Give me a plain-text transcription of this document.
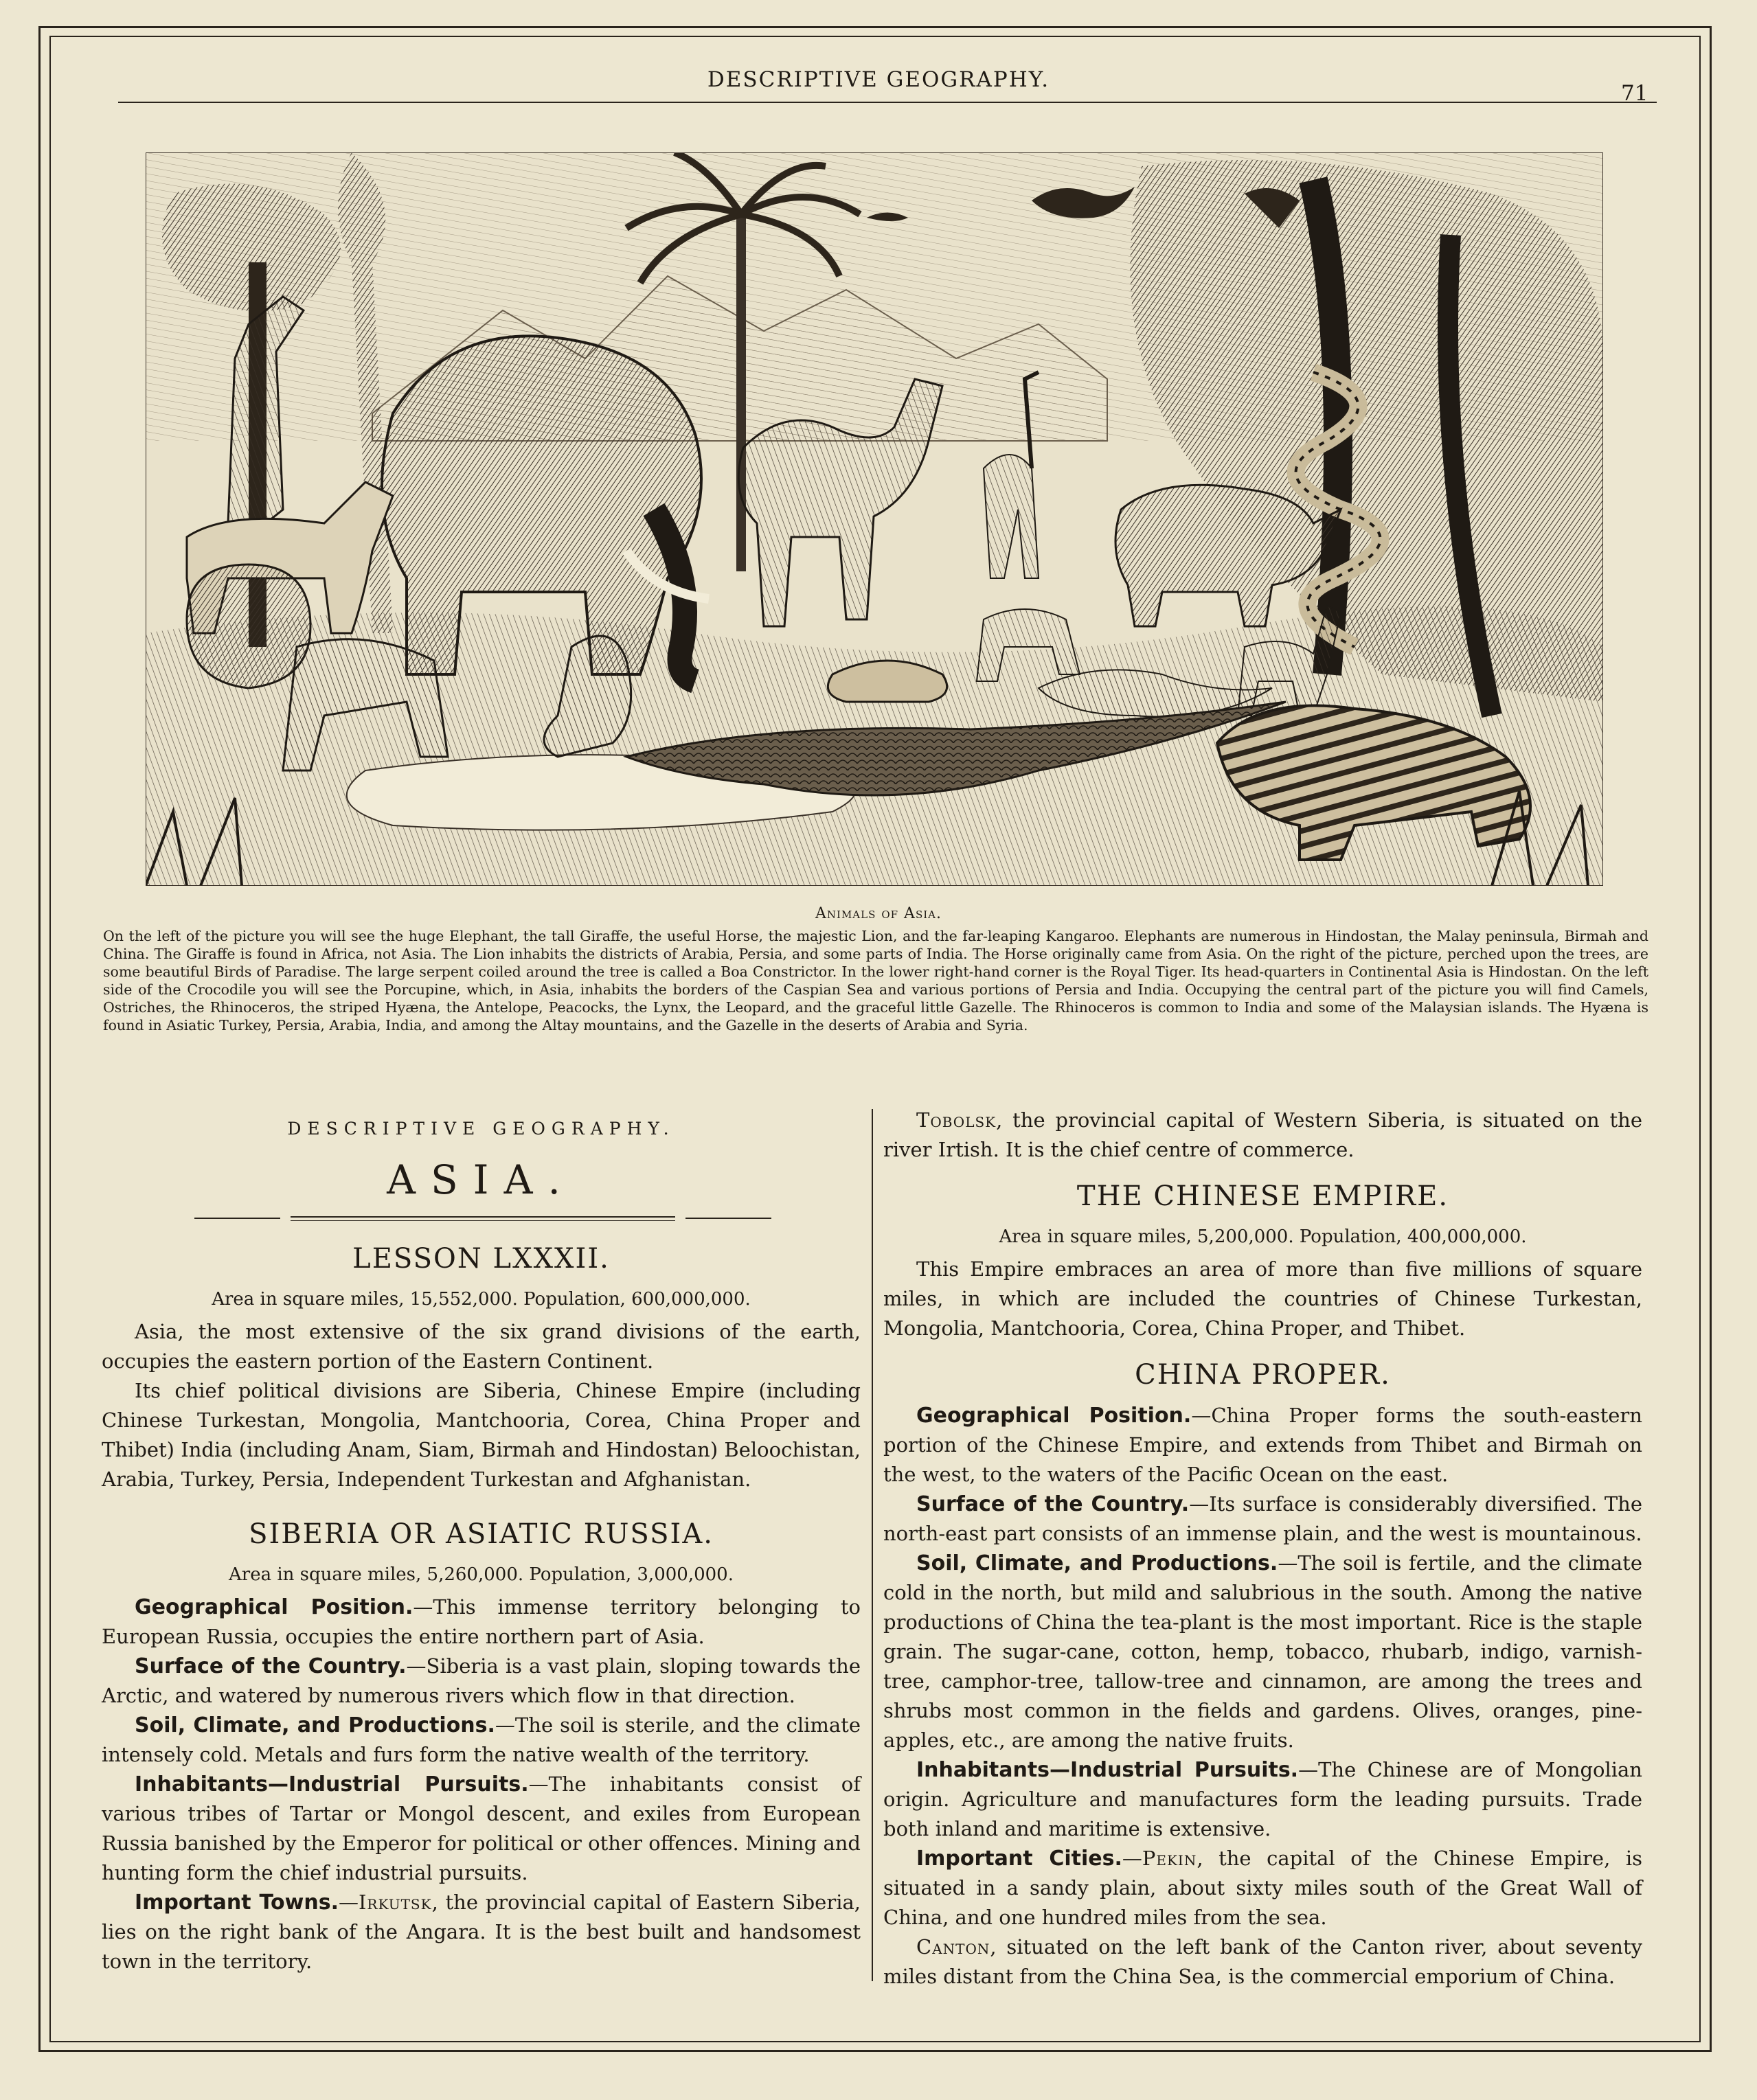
DESCRIPTIVE GEOGRAPHY.
71
Animals of Asia.

On the left of the picture you will see the huge Elephant, the tall Giraffe, the useful Horse, the majestic Lion, and the far-leaping Kangaroo. Elephants are numerous in Hindostan, the Malay peninsula, Birmah and China. The Giraffe is found in Africa, not Asia. The Lion inhabits the districts of Arabia, Persia, and some parts of India. The Horse originally came from Asia. On the right of the picture, perched upon the trees, are some beautiful Birds of Paradise. The large serpent coiled around the tree is called a Boa Constrictor. In the lower right-hand corner is the Royal Tiger. Its head-quarters in Continental Asia is Hindostan. On the left side of the Crocodile you will see the Porcupine, which, in Asia, inhabits the borders of the Caspian Sea and various portions of Persia and India. Occupying the central part of the picture you will find Camels, Ostriches, the Rhinoceros, the striped Hyæna, the Antelope, Peacocks, the Lynx, the Leopard, and the graceful little Gazelle. The Rhinoceros is common to India and some of the Malaysian islands. The Hyæna is found in Asiatic Turkey, Persia, Arabia, India, and among the Altay mountains, and the Gazelle in the deserts of Arabia and Syria.

DESCRIPTIVE GEOGRAPHY.
ASIA.
LESSON LXXXII.
Area in square miles, 15,552,000. Population, 600,000,000.

Asia, the most extensive of the six grand divisions of the earth, occupies the eastern portion of the Eastern Continent.

Its chief political divisions are Siberia, Chinese Empire (including Chinese Turkestan, Mongolia, Mantchooria, Corea, China Proper and Thibet) India (including Anam, Siam, Birmah and Hindostan) Beloochistan, Arabia, Turkey, Persia, Independent Turkestan and Afghanistan.

SIBERIA OR ASIATIC RUSSIA.
Area in square miles, 5,260,000. Population, 3,000,000.

Geographical Position.—This immense territory belonging to European Russia, occupies the entire northern part of Asia.

Surface of the Country.—Siberia is a vast plain, sloping towards the Arctic, and watered by numerous rivers which flow in that direction.

Soil, Climate, and Productions.—The soil is sterile, and the climate intensely cold. Metals and furs form the native wealth of the territory.

Inhabitants—Industrial Pursuits.—The inhabitants consist of various tribes of Tartar or Mongol descent, and exiles from European Russia banished by the Emperor for political or other offences. Mining and hunting form the chief industrial pursuits.

Important Towns.—Irkutsk, the provincial capital of Eastern Siberia, lies on the right bank of the Angara. It is the best built and handsomest town in the territory.

Tobolsk, the provincial capital of Western Siberia, is situated on the river Irtish. It is the chief centre of commerce.

THE CHINESE EMPIRE.
Area in square miles, 5,200,000. Population, 400,000,000.

This Empire embraces an area of more than five millions of square miles, in which are included the countries of Chinese Turkestan, Mongolia, Mantchooria, Corea, China Proper, and Thibet.

CHINA PROPER.

Geographical Position.—China Proper forms the south-eastern portion of the Chinese Empire, and extends from Thibet and Birmah on the west, to the waters of the Pacific Ocean on the east.

Surface of the Country.—Its surface is considerably diversified. The north-east part consists of an immense plain, and the west is mountainous.

Soil, Climate, and Productions.—The soil is fertile, and the climate cold in the north, but mild and salubrious in the south. Among the native productions of China the tea-plant is the most important. Rice is the staple grain. The sugar-cane, cotton, hemp, tobacco, rhubarb, indigo, varnish-tree, camphor-tree, tallow-tree and cinnamon, are among the trees and shrubs most common in the fields and gardens. Olives, oranges, pine-apples, etc., are among the native fruits.

Inhabitants—Industrial Pursuits.—The Chinese are of Mongolian origin. Agriculture and manufactures form the leading pursuits. Trade both inland and maritime is extensive.

Important Cities.—Pekin, the capital of the Chinese Empire, is situated in a sandy plain, about sixty miles south of the Great Wall of China, and one hundred miles from the sea.

Canton, situated on the left bank of the Canton river, about seventy miles distant from the China Sea, is the commercial emporium of China.
